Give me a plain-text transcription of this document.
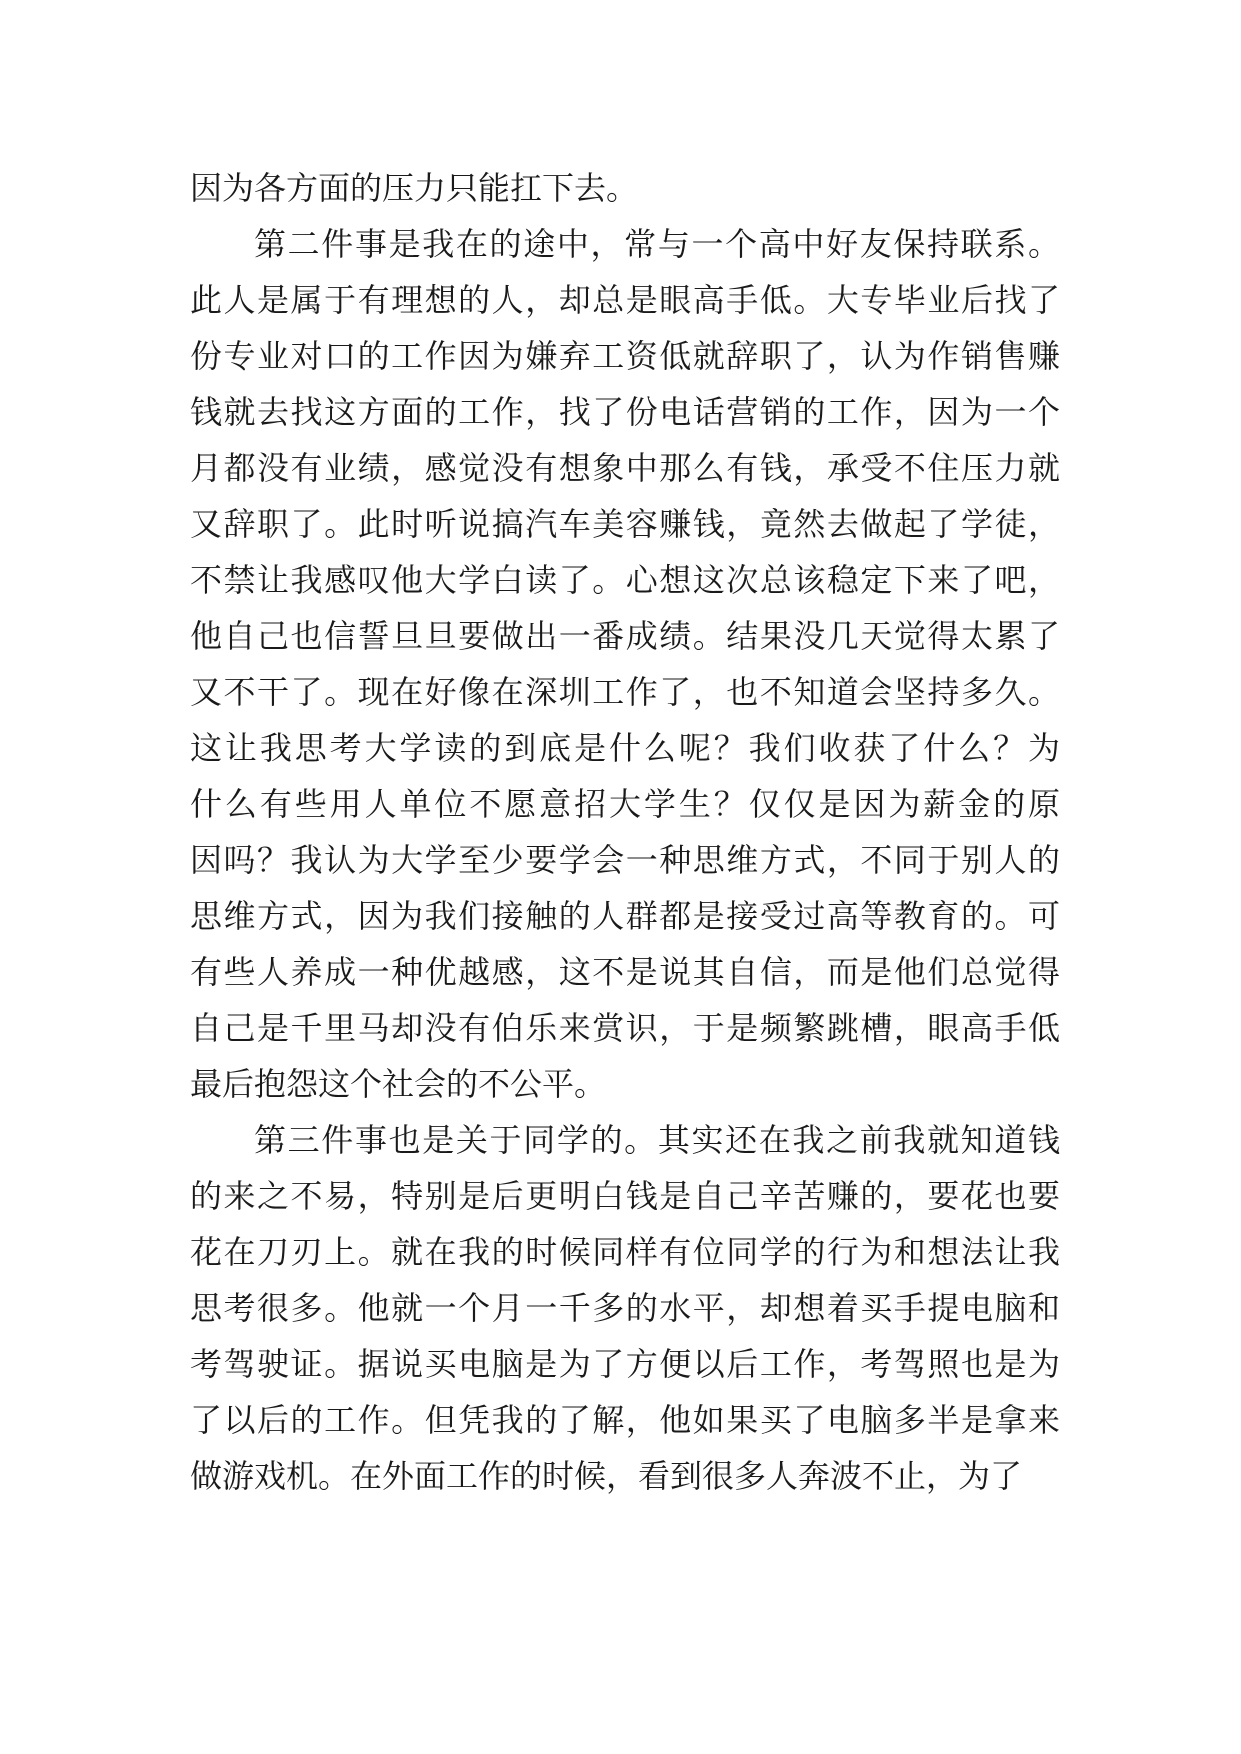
因为各方面的压力只能扛下去。
第二件事是我在的途中，常与一个高中好友保持联系。
此人是属于有理想的人，却总是眼高手低。大专毕业后找了
份专业对口的工作因为嫌弃工资低就辞职了，认为作销售赚
钱就去找这方面的工作，找了份电话营销的工作，因为一个
月都没有业绩，感觉没有想象中那么有钱，承受不住压力就
又辞职了。此时听说搞汽车美容赚钱，竟然去做起了学徒，
不禁让我感叹他大学白读了。心想这次总该稳定下来了吧，
他自己也信誓旦旦要做出一番成绩。结果没几天觉得太累了
又不干了。现在好像在深圳工作了，也不知道会坚持多久。
这让我思考大学读的到底是什么呢？我们收获了什么？为
什么有些用人单位不愿意招大学生？仅仅是因为薪金的原
因吗？我认为大学至少要学会一种思维方式，不同于别人的
思维方式，因为我们接触的人群都是接受过高等教育的。可
有些人养成一种优越感，这不是说其自信，而是他们总觉得
自己是千里马却没有伯乐来赏识，于是频繁跳槽，眼高手低
最后抱怨这个社会的不公平。
第三件事也是关于同学的。其实还在我之前我就知道钱
的来之不易，特别是后更明白钱是自己辛苦赚的，要花也要
花在刀刃上。就在我的时候同样有位同学的行为和想法让我
思考很多。他就一个月一千多的水平，却想着买手提电脑和
考驾驶证。据说买电脑是为了方便以后工作，考驾照也是为
了以后的工作。但凭我的了解，他如果买了电脑多半是拿来
做游戏机。在外面工作的时候，看到很多人奔波不止，为了
